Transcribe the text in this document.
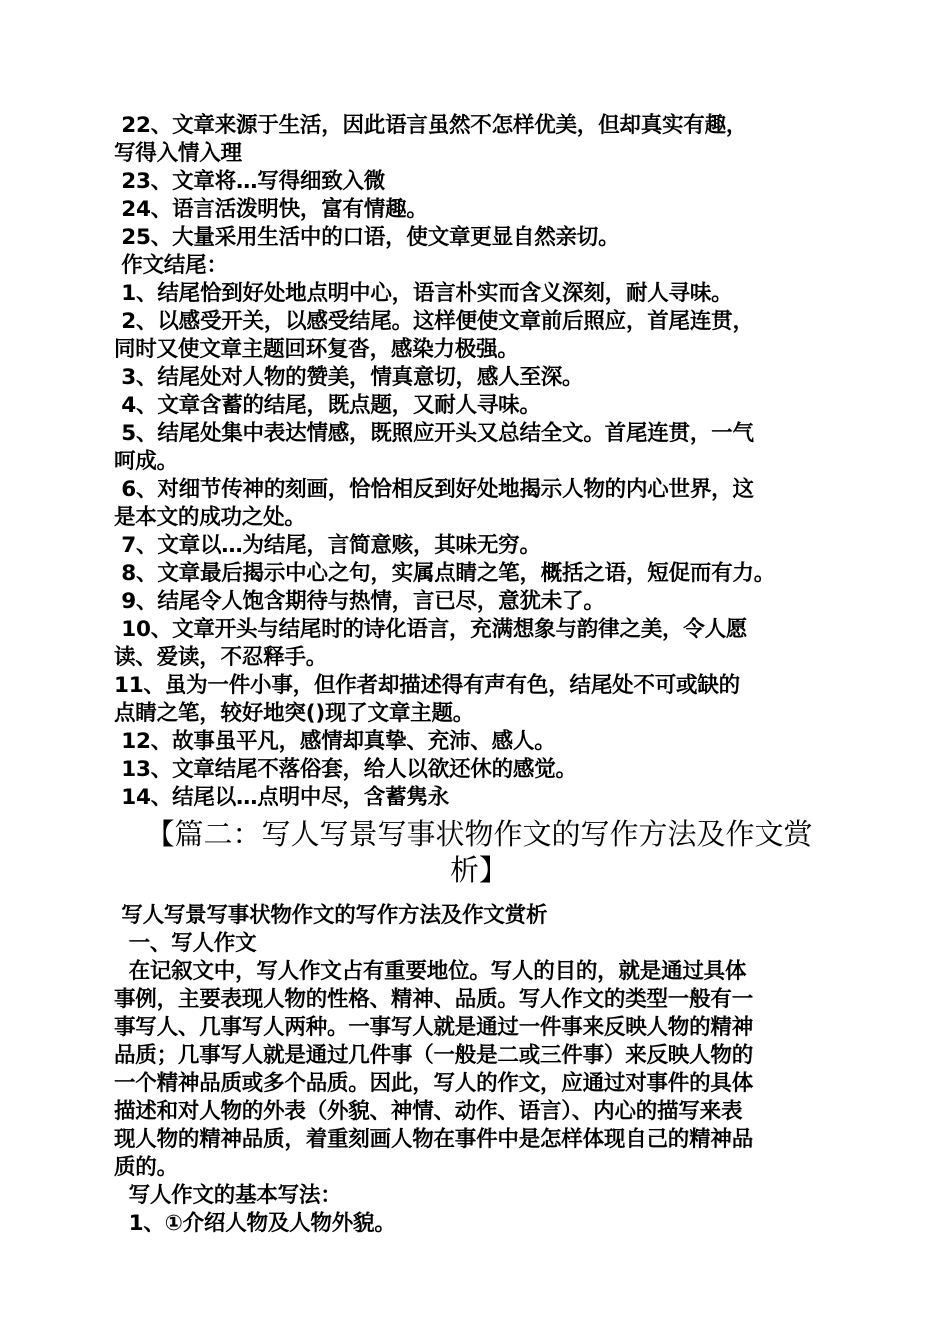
22、文章来源于生活，因此语言虽然不怎样优美，但却真实有趣，
写得入情入理
23、文章将…写得细致入微
24、语言活泼明快，富有情趣。
25、大量采用生活中的口语，使文章更显自然亲切。
作文结尾：
1、结尾恰到好处地点明中心，语言朴实而含义深刻，耐人寻味。
2、以感受开关，以感受结尾。这样便使文章前后照应，首尾连贯，
同时又使文章主题回环复沓，感染力极强。
3、结尾处对人物的赞美，情真意切，感人至深。
4、文章含蓄的结尾，既点题，又耐人寻味。
5、结尾处集中表达情感，既照应开头又总结全文。首尾连贯，一气
呵成。
6、对细节传神的刻画，恰恰相反到好处地揭示人物的内心世界，这
是本文的成功之处。
7、文章以…为结尾，言简意赅，其味无穷。
8、文章最后揭示中心之句，实属点睛之笔，概括之语，短促而有力。
9、结尾令人饱含期待与热情，言已尽，意犹未了。
10、文章开头与结尾时的诗化语言，充满想象与韵律之美，令人愿
读、爱读，不忍释手。
11、虽为一件小事，但作者却描述得有声有色，结尾处不可或缺的
点睛之笔，较好地突()现了文章主题。
12、故事虽平凡，感情却真挚、充沛、感人。
13、文章结尾不落俗套，给人以欲还休的感觉。
14、结尾以…点明中尽，含蓄隽永
【篇二：写人写景写事状物作文的写作方法及作文赏析】
写人写景写事状物作文的写作方法及作文赏析
一、写人作文
在记叙文中，写人作文占有重要地位。写人的目的，就是通过具体
事例，主要表现人物的性格、精神、品质。写人作文的类型一般有一
事写人、几事写人两种。一事写人就是通过一件事来反映人物的精神
品质；几事写人就是通过几件事（一般是二或三件事）来反映人物的
一个精神品质或多个品质。因此，写人的作文，应通过对事件的具体
描述和对人物的外表（外貌、神情、动作、语言）、内心的描写来表
现人物的精神品质，着重刻画人物在事件中是怎样体现自己的精神品
质的。
写人作文的基本写法：
1、①介绍人物及人物外貌。
